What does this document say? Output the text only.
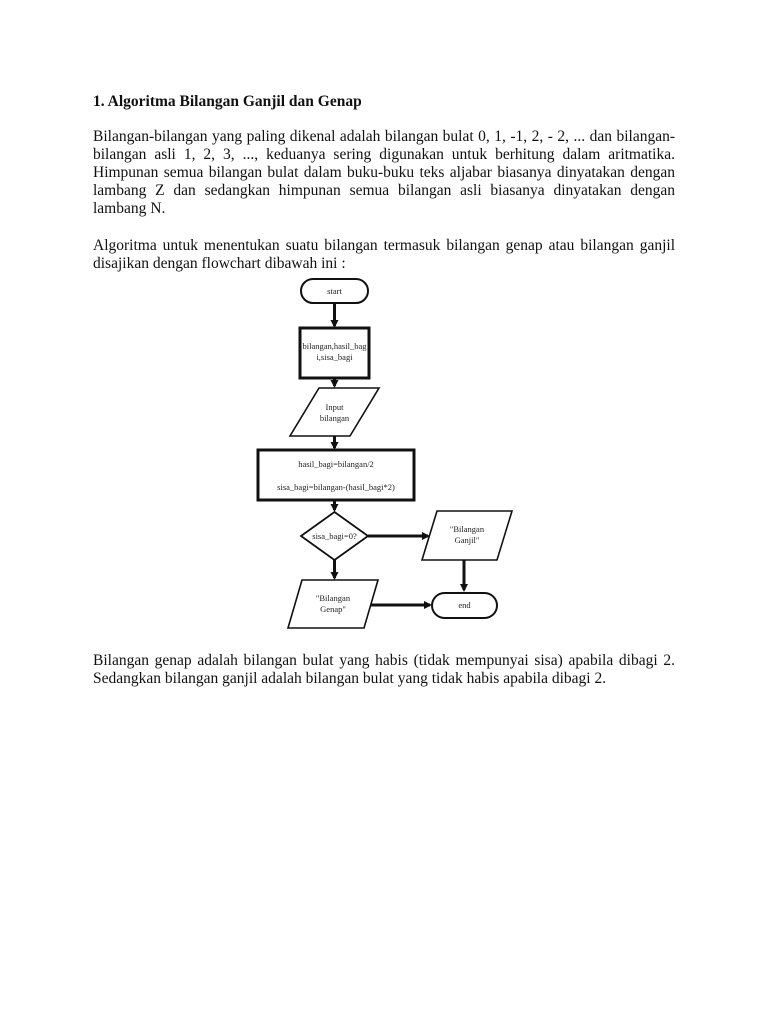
1. Algoritma Bilangan Ganjil dan Genap
Bilangan-bilangan yang paling dikenal adalah bilangan bulat 0, 1, -1, 2, - 2, ... dan bilangan-
bilangan asli 1, 2, 3, ..., keduanya sering digunakan untuk berhitung dalam aritmatika.
Himpunan semua bilangan bulat dalam buku-buku teks aljabar biasanya dinyatakan dengan
lambang Z dan sedangkan himpunan semua bilangan asli biasanya dinyatakan dengan
lambang N.
Algoritma untuk menentukan suatu bilangan termasuk bilangan genap atau bilangan ganjil
disajikan dengan flowchart dibawah ini :
start
bilangan,hasil_bag
i,sisa_bagi
Input
bilangan
hasil_bagi=bilangan/2
sisa_bagi=bilangan-(hasil_bagi*2)
sisa_bagi=0?
"Bilangan
Ganjil"
"Bilangan
Genap"	end
Bilangan genap adalah bilangan bulat yang habis (tidak mempunyai sisa) apabila dibagi 2.
Sedangkan bilangan ganjil adalah bilangan bulat yang tidak habis apabila dibagi 2.
